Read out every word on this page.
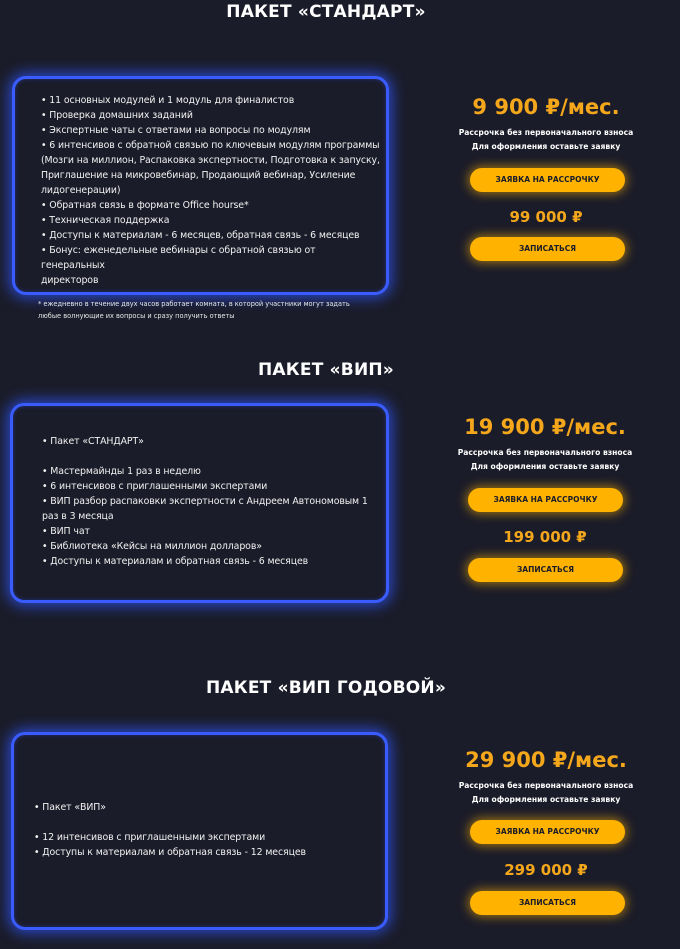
ПАКЕТ «СТАНДАРТ»
• 11 основных модулей и 1 модуль для финалистов
• Проверка домашних заданий
• Экспертные чаты с ответами на вопросы по модулям
• 6 интенсивов с обратной связью по ключевым модулям программы
(Мозги на миллион, Распаковка экспертности, Подготовка к запуску,
Приглашение на микровебинар, Продающий вебинар, Усиление
лидогенерации)
• Обратная связь в формате Office hourse*
• Техническая поддержка
• Доступы к материалам - 6 месяцев, обратная связь - 6 месяцев
• Бонус: еженедельные вебинары с обратной связью от генеральных
директоров

* ежедневно в течение двух часов работает комната, в которой участники могут задать любые волнующие их вопросы и сразу получить ответы

9 900 ₽/мес.
Рассрочка без первоначального взноса
Для оформления оставьте заявку
ЗАЯВКА НА РАССРОЧКУ
99 000 ₽
ЗАПИСАТЬСЯ
ПАКЕТ «ВИП»
• Пакет «СТАНДАРТ»
• Мастермайнды 1 раз в неделю
• 6 интенсивов с приглашенными экспертами
• ВИП разбор распаковки экспертности с Андреем Автономовым 1
раз в 3 месяца
• ВИП чат
• Библиотека «Кейсы на миллион долларов»
• Доступы к материалам и обратная связь - 6 месяцев
19 900 ₽/мес.
Рассрочка без первоначального взноса
Для оформления оставьте заявку
ЗАЯВКА НА РАССРОЧКУ
199 000 ₽
ЗАПИСАТЬСЯ
ПАКЕТ «ВИП ГОДОВОЙ»
• Пакет «ВИП»
• 12 интенсивов с приглашенными экспертами
• Доступы к материалам и обратная связь - 12 месяцев
29 900 ₽/мес.
Рассрочка без первоначального взноса
Для оформления оставьте заявку
ЗАЯВКА НА РАССРОЧКУ
299 000 ₽
ЗАПИСАТЬСЯ
